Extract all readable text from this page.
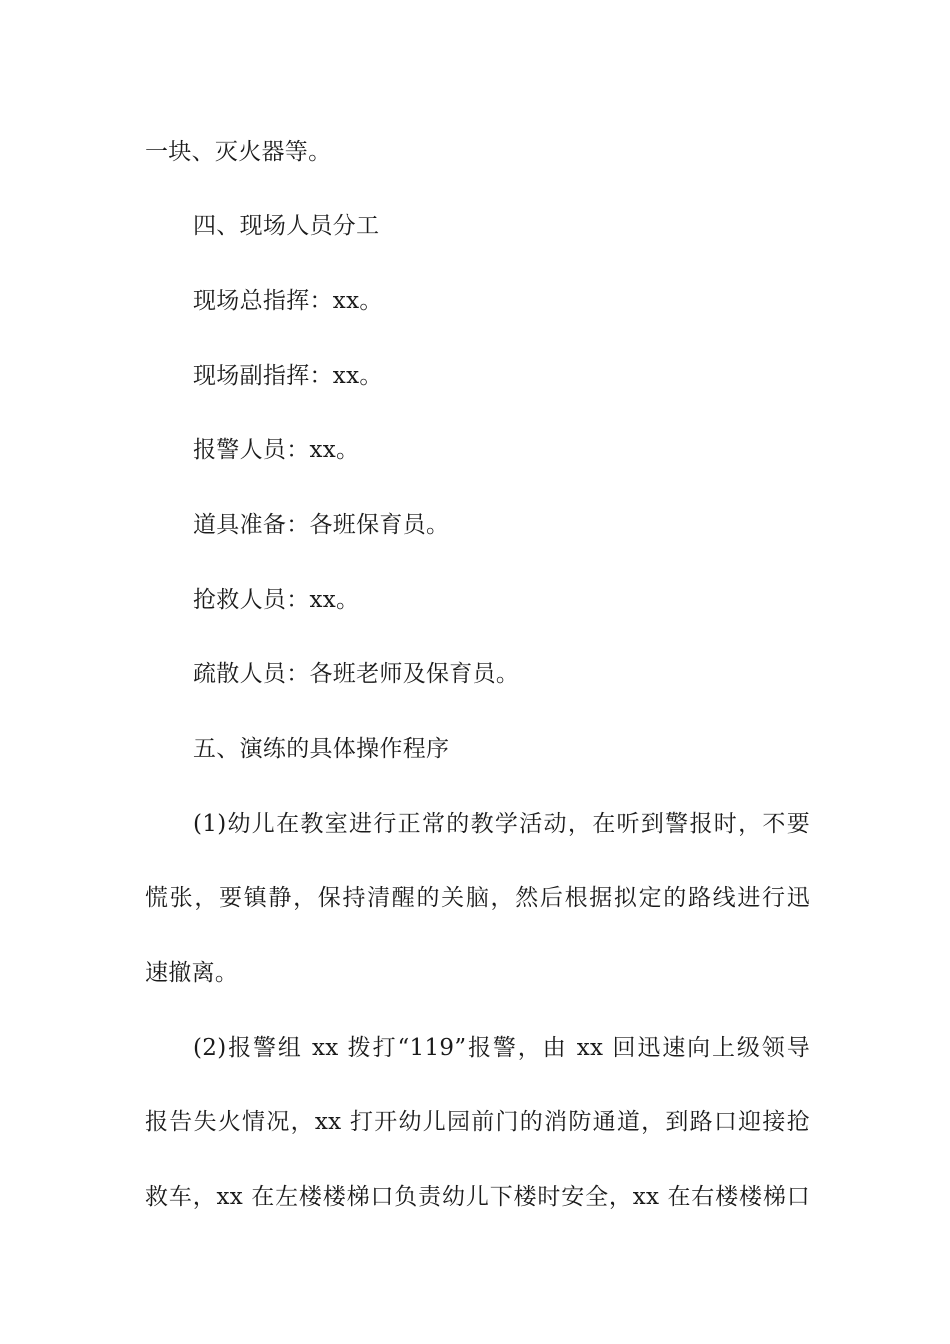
一块、灭火器等。
四、现场人员分工
现场总指挥：xx。
现场副指挥：xx。
报警人员：xx。
道具准备：各班保育员。
抢救人员：xx。
疏散人员：各班老师及保育员。
五、演练的具体操作程序
(1)幼儿在教室进行正常的教学活动，在听到警报时，不要
慌张，要镇静，保持清醒的关脑，然后根据拟定的路线进行迅
速撤离。
(2)报警组 xx 拨打“119”报警，由 xx 回迅速向上级领导
报告失火情况，xx 打开幼儿园前门的消防通道，到路口迎接抢
救车，xx 在左楼楼梯口负责幼儿下楼时安全，xx 在右楼楼梯口
